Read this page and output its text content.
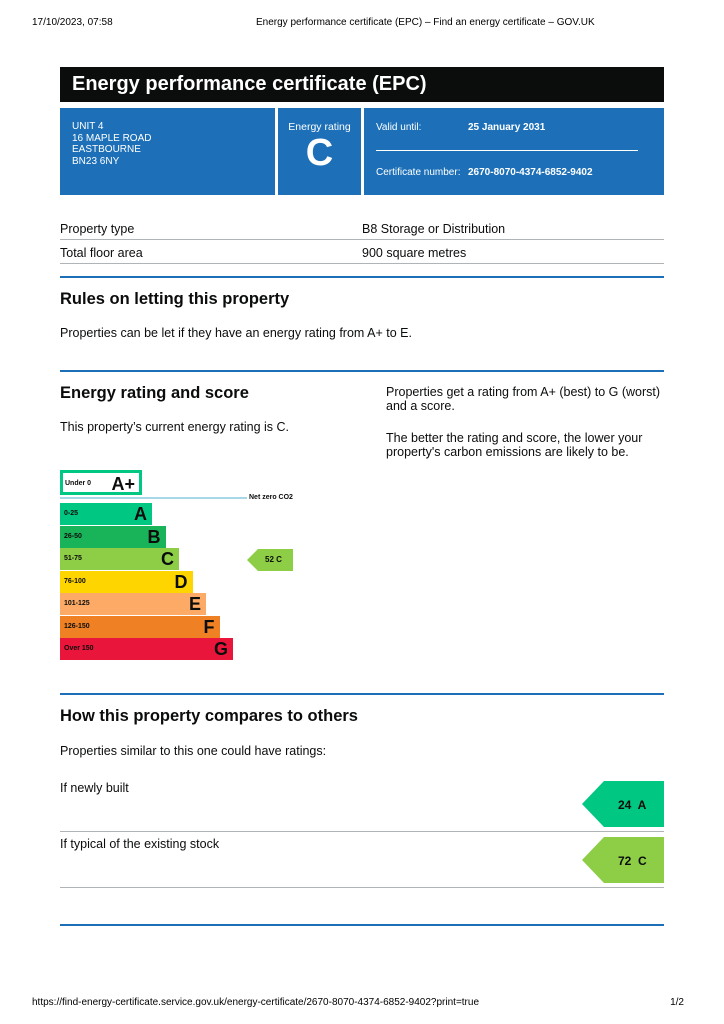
17/10/2023, 07:58	Energy performance certificate (EPC) – Find an energy certificate – GOV.UK
Energy performance certificate (EPC)
UNIT 4
16 MAPLE ROAD
EASTBOURNE
BN23 6NY
Energy rating
C
Valid until:	25 January 2031
Certificate number: 2670-8070-4374-6852-9402
Property type	B8 Storage or Distribution
Total floor area	900 square metres
Rules on letting this property
Properties can be let if they have an energy rating from A+ to E.
Energy rating and score
This property’s current energy rating is C.
Properties get a rating from A+ (best) to G (worst) and a score.
The better the rating and score, the lower your property's carbon emissions are likely to be.
Under 0 A+
Net zero CO2
0-25	A
26-50	B
51-75	C
76-100	D
101-125	E
126-150	F
Over 150	G
52 C
How this property compares to others
Properties similar to this one could have ratings:
If newly built
24  A
If typical of the existing stock
72  C
https://find-energy-certificate.service.gov.uk/energy-certificate/2670-8070-4374-6852-9402?print=true	1/2
